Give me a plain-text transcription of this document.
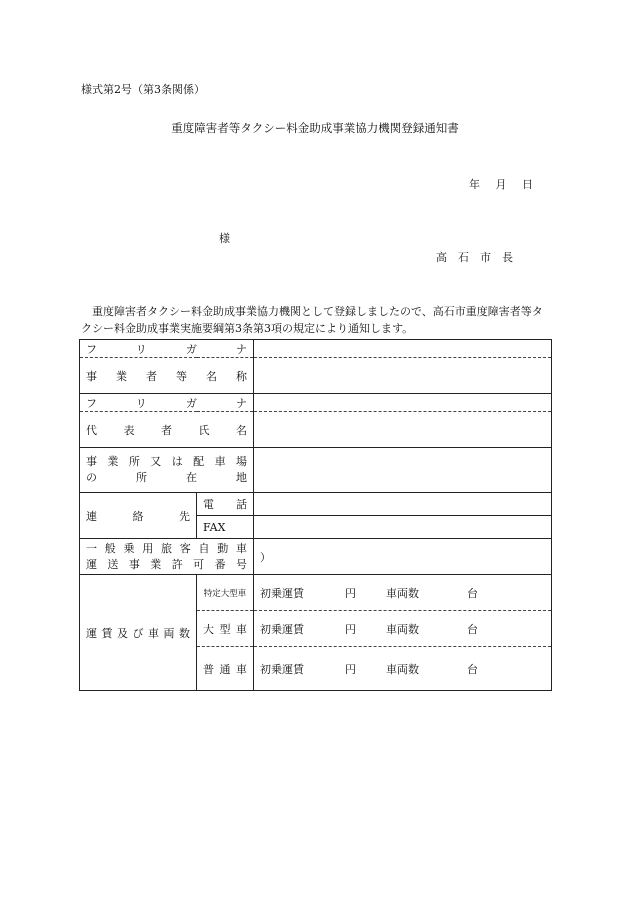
様式第2号（第3条関係）
重度障害者等タクシー料金助成事業協力機関登録通知書
年 月 日
様
高石市長
重度障害者タクシー料金助成事業協力機関として登録しましたので、高石市重度障害者等タクシー料金助成事業実施要綱第3条第3項の規定により通知します。
フリガナ		
事業者等名称		
フリガナ		
代表者氏名		

事業所又は配車場
の所在地		

連絡先	電話	
	FAX	

一般乗用旅客自動車
運送事業許可番号		）
運賃及び車両数	特定大型車	初乗運賃 円 車両数 台

	大型車	初乗運賃 円 車両数 台

	普通車	初乗運賃 円 車両数 台
